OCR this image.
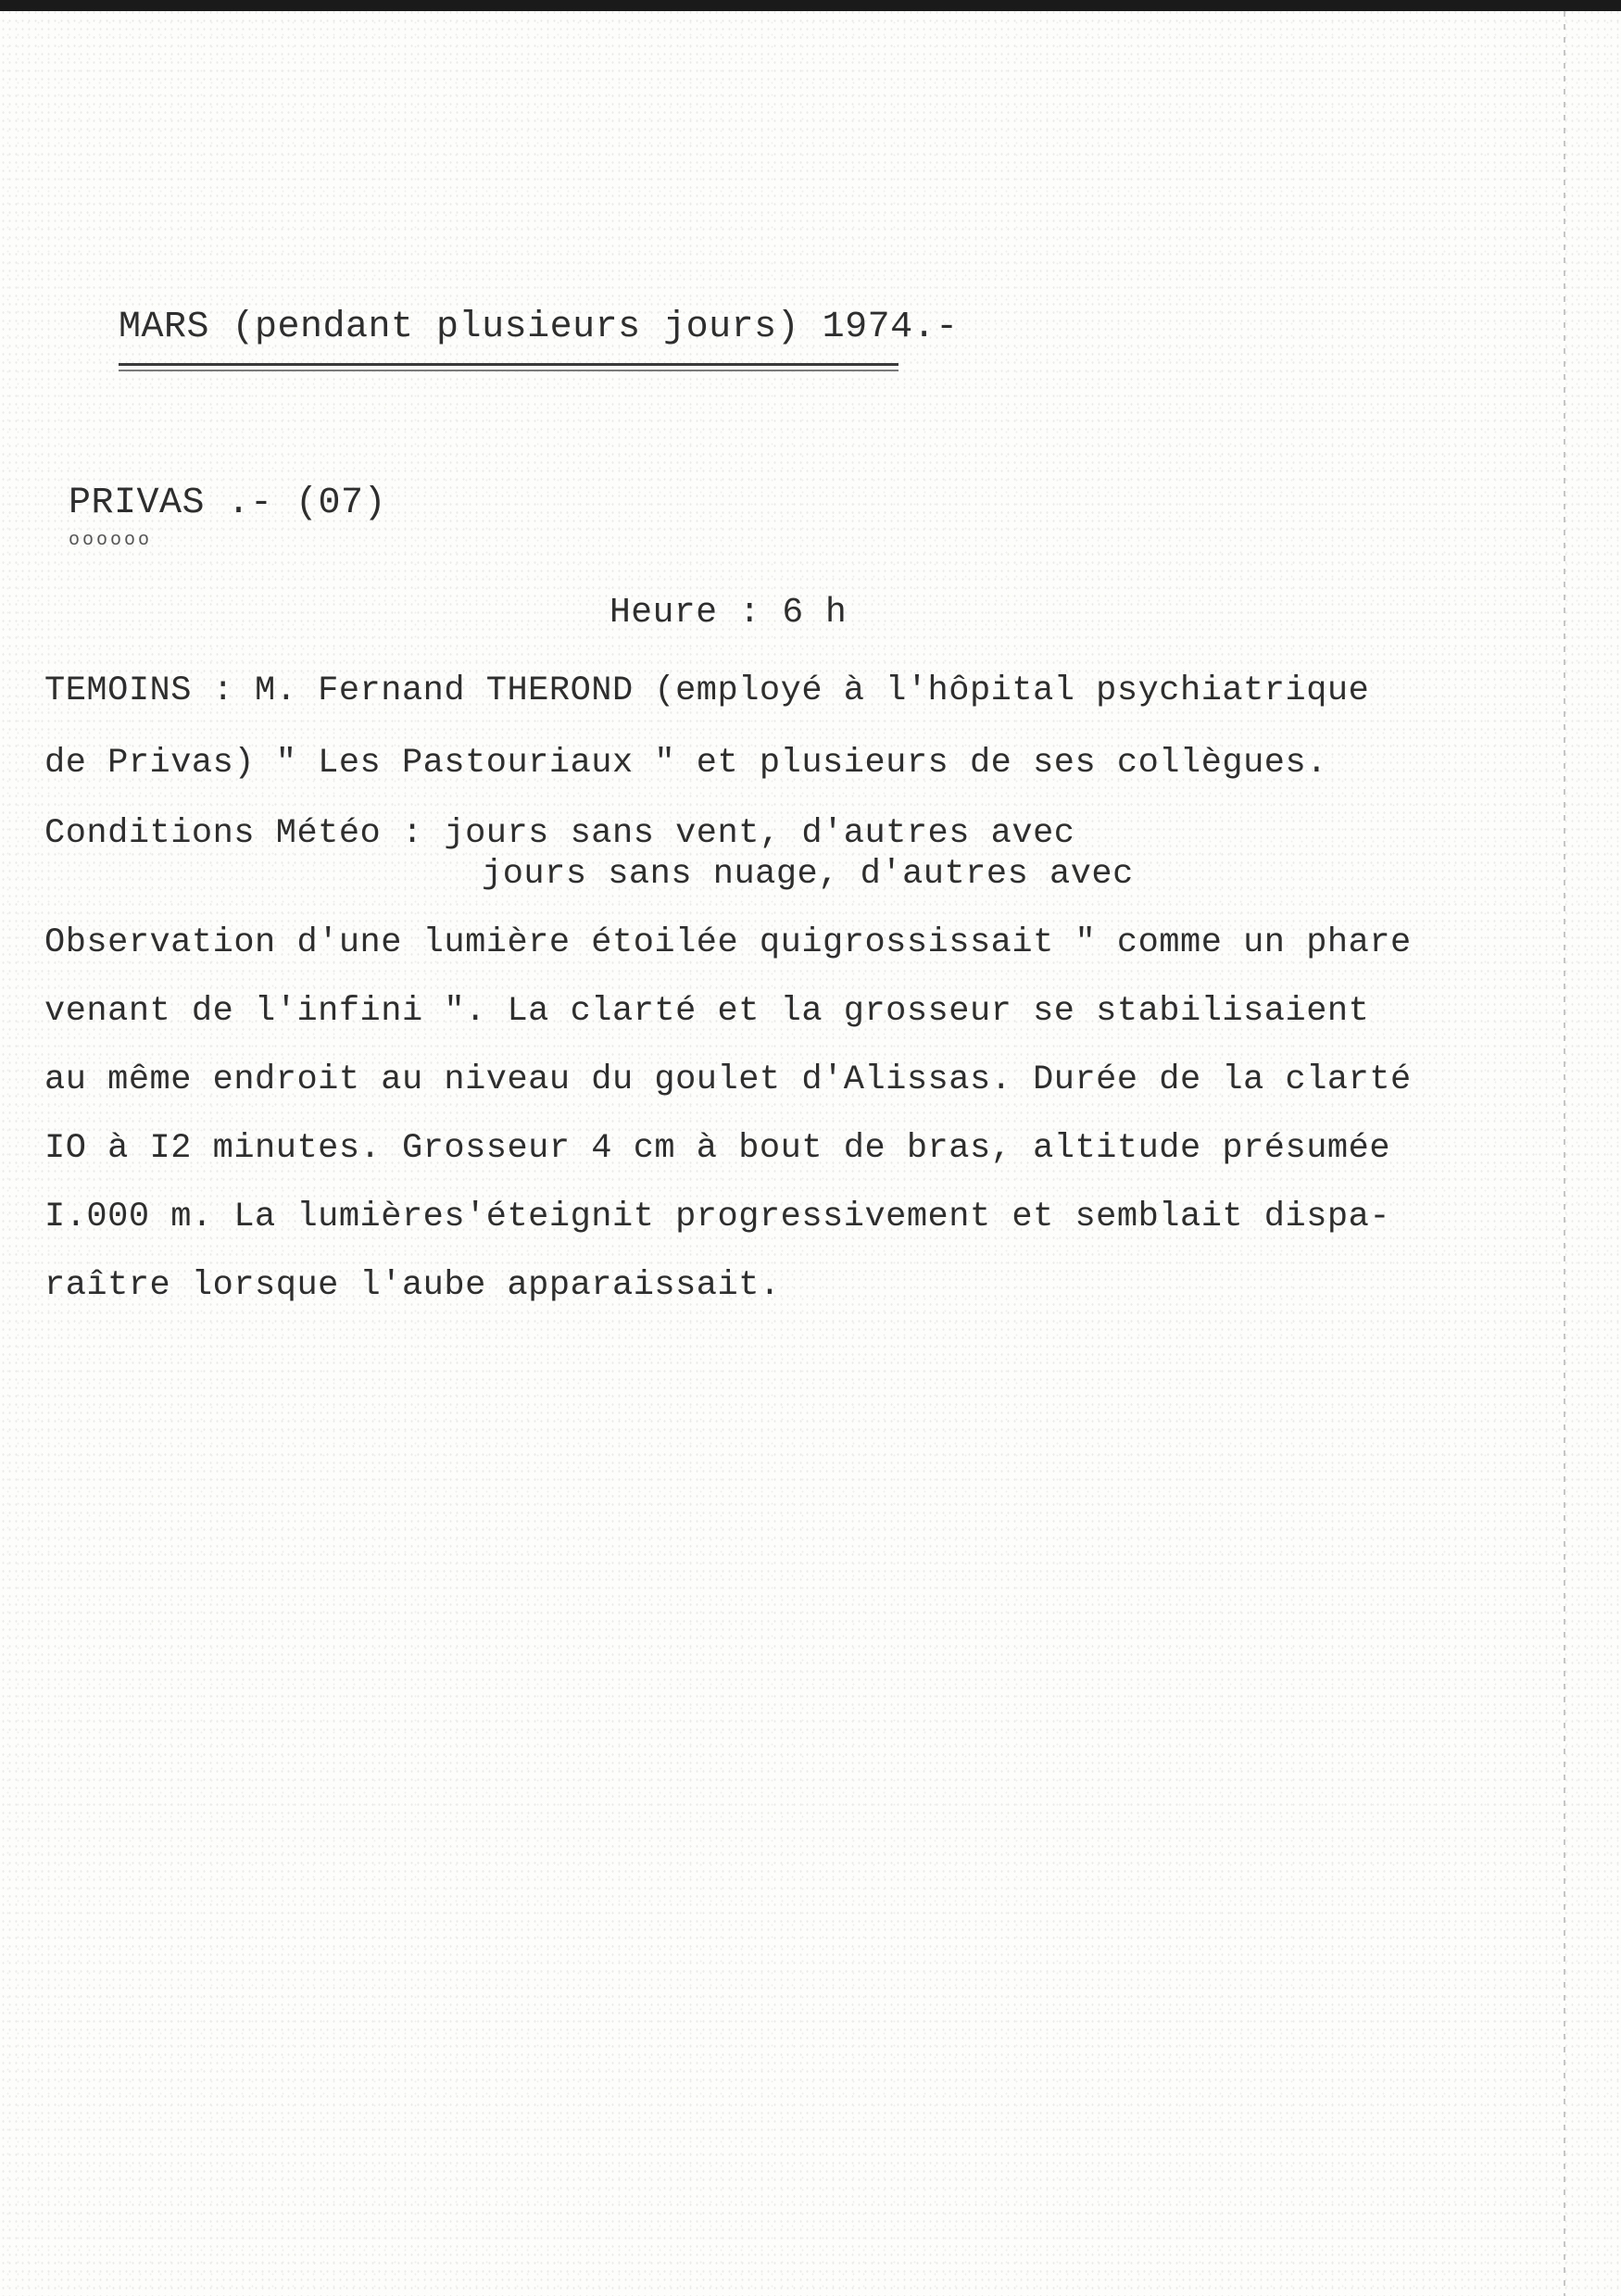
MARS (pendant plusieurs jours) 1974.-
PRIVAS .- (07)
oooooo
Heure : 6 h
TEMOINS : M. Fernand THEROND (employé à l'hôpital psychiatrique
de Privas) " Les Pastouriaux " et plusieurs de ses collègues.
Conditions Météo : jours sans vent, d'autres avec
jours sans nuage, d'autres avec
Observation d'une lumière étoilée quigrossissait " comme un phare
venant de l'infini ". La clarté et la grosseur se stabilisaient
au même endroit au niveau du goulet d'Alissas. Durée de la clarté
IO à I2 minutes. Grosseur 4 cm à bout de bras, altitude présumée
I.000 m. La lumières'éteignit progressivement et semblait dispa-
raître lorsque l'aube apparaissait.
